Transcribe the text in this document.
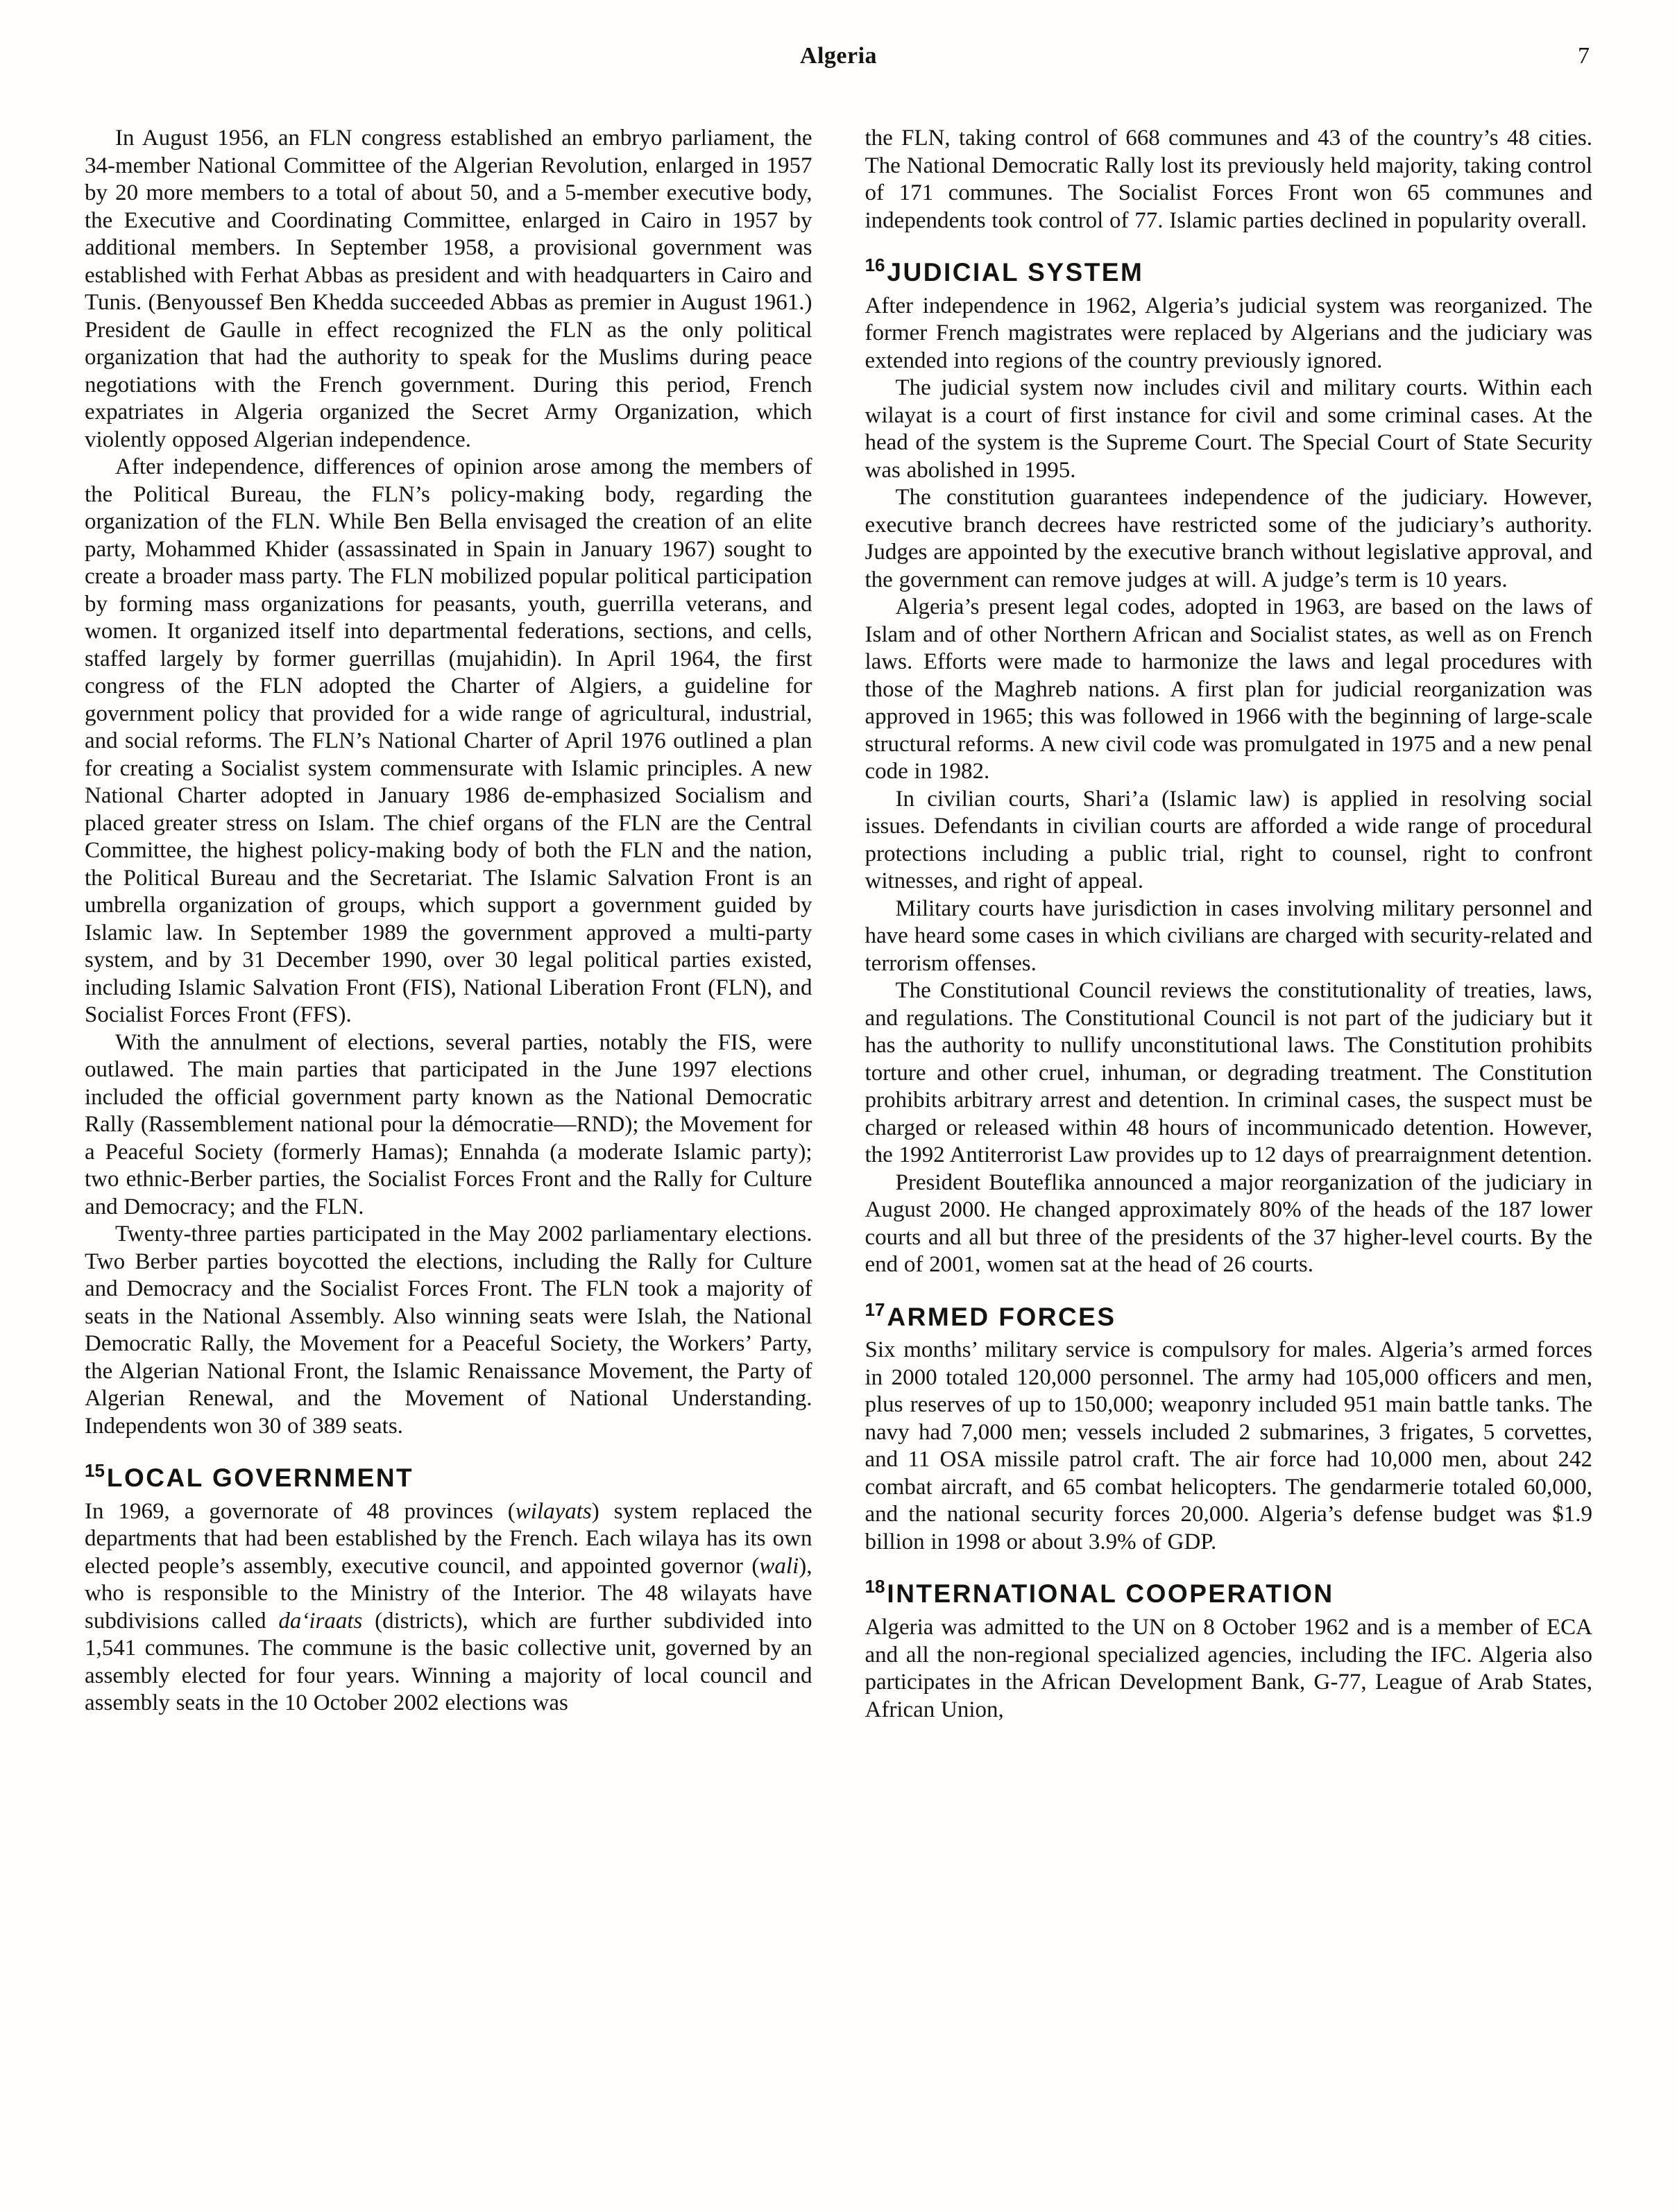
Algeria	7

In August 1956, an FLN congress established an embryo parliament, the 34-member National Committee of the Algerian Revolution, enlarged in 1957 by 20 more members to a total of about 50, and a 5-member executive body, the Executive and Coordinating Committee, enlarged in Cairo in 1957 by additional members. In September 1958, a provisional government was established with Ferhat Abbas as president and with headquarters in Cairo and Tunis. (Benyoussef Ben Khedda succeeded Abbas as premier in August 1961.) President de Gaulle in effect recognized the FLN as the only political organization that had the authority to speak for the Muslims during peace negotiations with the French government. During this period, French expatriates in Algeria organized the Secret Army Organization, which violently opposed Algerian independence.

After independence, differences of opinion arose among the members of the Political Bureau, the FLN’s policy-making body, regarding the organization of the FLN. While Ben Bella envisaged the creation of an elite party, Mohammed Khider (assassinated in Spain in January 1967) sought to create a broader mass party. The FLN mobilized popular political participation by forming mass organizations for peasants, youth, guerrilla veterans, and women. It organized itself into departmental federations, sections, and cells, staffed largely by former guerrillas (mujahidin). In April 1964, the first congress of the FLN adopted the Charter of Algiers, a guideline for government policy that provided for a wide range of agricultural, industrial, and social reforms. The FLN’s National Charter of April 1976 outlined a plan for creating a Socialist system commensurate with Islamic principles. A new National Charter adopted in January 1986 de-emphasized Socialism and placed greater stress on Islam. The chief organs of the FLN are the Central Committee, the highest policy-making body of both the FLN and the nation, the Political Bureau and the Secretariat. The Islamic Salvation Front is an umbrella organization of groups, which support a government guided by Islamic law. In September 1989 the government approved a multi-party system, and by 31 December 1990, over 30 legal political parties existed, including Islamic Salvation Front (FIS), National Liberation Front (FLN), and Socialist Forces Front (FFS).

With the annulment of elections, several parties, notably the FIS, were outlawed. The main parties that participated in the June 1997 elections included the official government party known as the National Democratic Rally (Rassemblement national pour la démocratie—RND); the Movement for a Peaceful Society (formerly Hamas); Ennahda (a moderate Islamic party); two ethnic-Berber parties, the Socialist Forces Front and the Rally for Culture and Democracy; and the FLN.

Twenty-three parties participated in the May 2002 parliamentary elections. Two Berber parties boycotted the elections, including the Rally for Culture and Democracy and the Socialist Forces Front. The FLN took a majority of seats in the National Assembly. Also winning seats were Islah, the National Democratic Rally, the Movement for a Peaceful Society, the Workers’ Party, the Algerian National Front, the Islamic Renaissance Movement, the Party of Algerian Renewal, and the Movement of National Understanding. Independents won 30 of 389 seats.

15LOCAL GOVERNMENT

In 1969, a governorate of 48 provinces (wilayats) system replaced the departments that had been established by the French. Each wilaya has its own elected people’s assembly, executive council, and appointed governor (wali), who is responsible to the Ministry of the Interior. The 48 wilayats have subdivisions called da‘iraats (districts), which are further subdivided into 1,541 communes. The commune is the basic collective unit, governed by an assembly elected for four years. Winning a majority of local council and assembly seats in the 10 October 2002 elections was

the FLN, taking control of 668 communes and 43 of the country’s 48 cities. The National Democratic Rally lost its previously held majority, taking control of 171 communes. The Socialist Forces Front won 65 communes and independents took control of 77. Islamic parties declined in popularity overall.

16JUDICIAL SYSTEM

After independence in 1962, Algeria’s judicial system was reorganized. The former French magistrates were replaced by Algerians and the judiciary was extended into regions of the country previously ignored.

The judicial system now includes civil and military courts. Within each wilayat is a court of first instance for civil and some criminal cases. At the head of the system is the Supreme Court. The Special Court of State Security was abolished in 1995.

The constitution guarantees independence of the judiciary. However, executive branch decrees have restricted some of the judiciary’s authority. Judges are appointed by the executive branch without legislative approval, and the government can remove judges at will. A judge’s term is 10 years.

Algeria’s present legal codes, adopted in 1963, are based on the laws of Islam and of other Northern African and Socialist states, as well as on French laws. Efforts were made to harmonize the laws and legal procedures with those of the Maghreb nations. A first plan for judicial reorganization was approved in 1965; this was followed in 1966 with the beginning of large-scale structural reforms. A new civil code was promulgated in 1975 and a new penal code in 1982.

In civilian courts, Shari’a (Islamic law) is applied in resolving social issues. Defendants in civilian courts are afforded a wide range of procedural protections including a public trial, right to counsel, right to confront witnesses, and right of appeal.

Military courts have jurisdiction in cases involving military personnel and have heard some cases in which civilians are charged with security-related and terrorism offenses.

The Constitutional Council reviews the constitutionality of treaties, laws, and regulations. The Constitutional Council is not part of the judiciary but it has the authority to nullify unconstitutional laws. The Constitution prohibits torture and other cruel, inhuman, or degrading treatment. The Constitution prohibits arbitrary arrest and detention. In criminal cases, the suspect must be charged or released within 48 hours of incommunicado detention. However, the 1992 Antiterrorist Law provides up to 12 days of prearraignment detention.

President Bouteflika announced a major reorganization of the judiciary in August 2000. He changed approximately 80% of the heads of the 187 lower courts and all but three of the presidents of the 37 higher-level courts. By the end of 2001, women sat at the head of 26 courts.

17ARMED FORCES

Six months’ military service is compulsory for males. Algeria’s armed forces in 2000 totaled 120,000 personnel. The army had 105,000 officers and men, plus reserves of up to 150,000; weaponry included 951 main battle tanks. The navy had 7,000 men; vessels included 2 submarines, 3 frigates, 5 corvettes, and 11 OSA missile patrol craft. The air force had 10,000 men, about 242 combat aircraft, and 65 combat helicopters. The gendarmerie totaled 60,000, and the national security forces 20,000. Algeria’s defense budget was $1.9 billion in 1998 or about 3.9% of GDP.

18INTERNATIONAL COOPERATION

Algeria was admitted to the UN on 8 October 1962 and is a member of ECA and all the non-regional specialized agencies, including the IFC. Algeria also participates in the African Development Bank, G-77, League of Arab States, African Union,
